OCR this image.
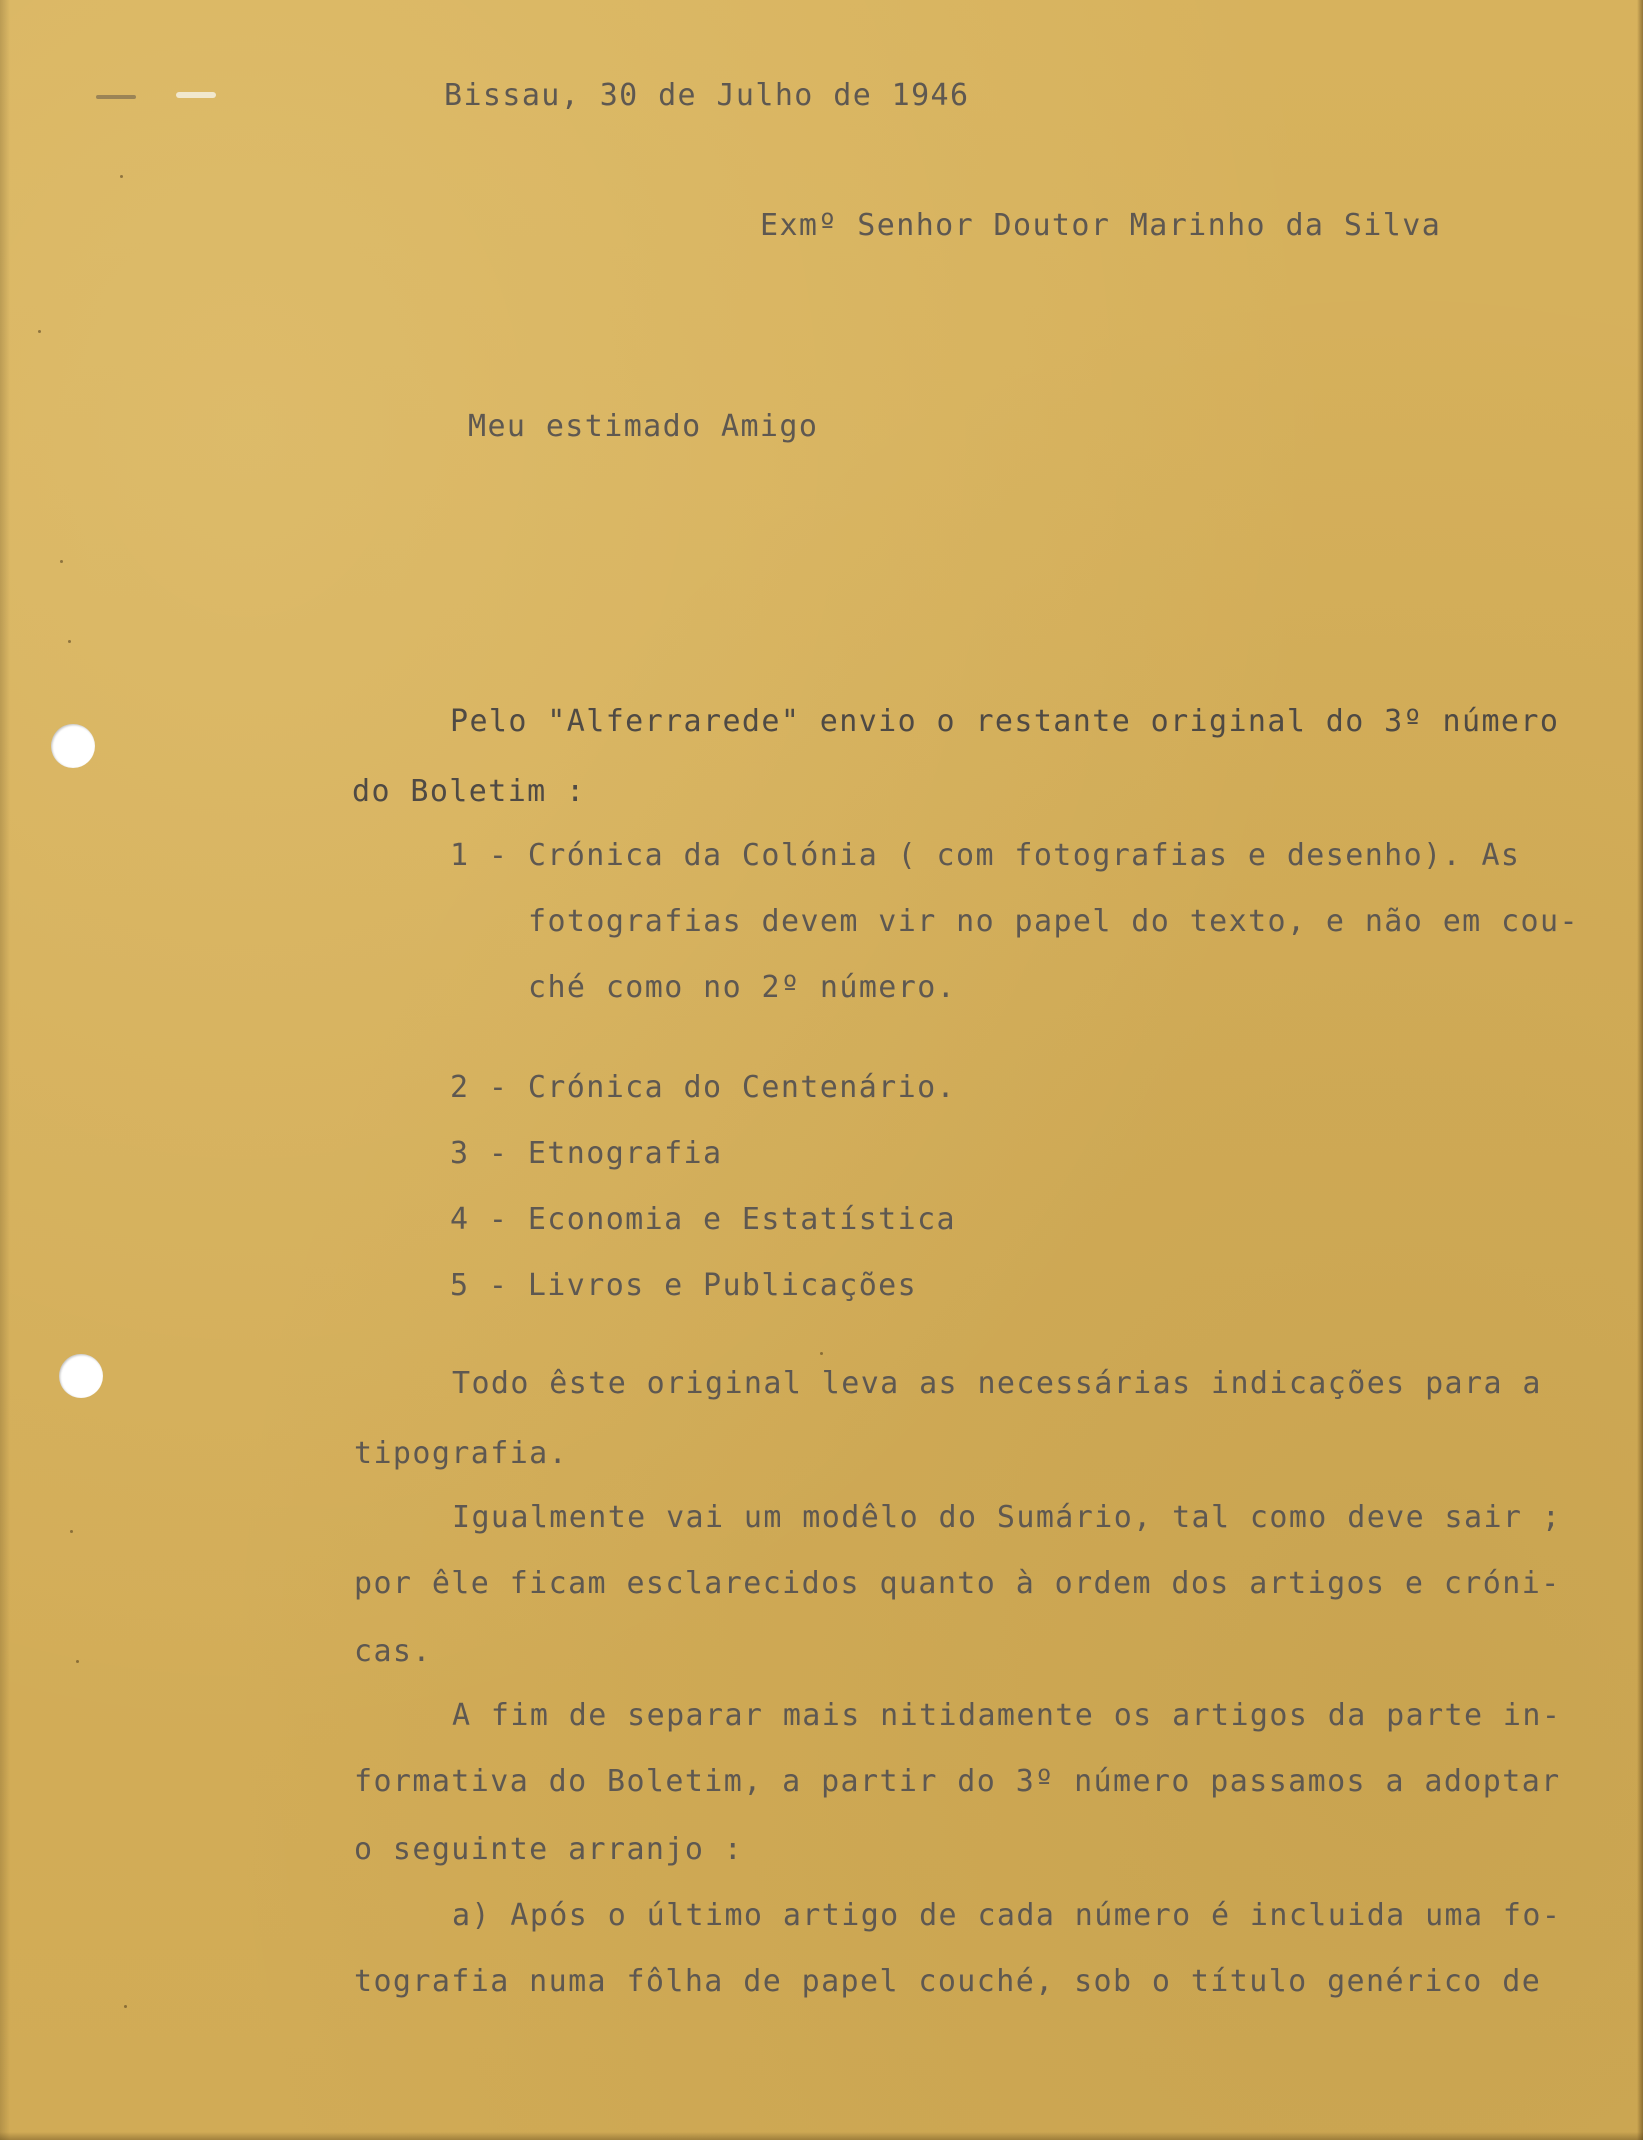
Bissau, 30 de Julho de 1946

Exmº Senhor Doutor Marinho da Silva

Meu estimado Amigo

Pelo "Alferrarede" envio o restante original do 3º número

do Boletim :

1 - Crónica da Colónia ( com fotografias e desenho). As

fotografias devem vir no papel do texto, e não em cou-

ché como no 2º número.

2 - Crónica do Centenário.

3 - Etnografia

4 - Economia e Estatística

5 - Livros e Publicações

Todo êste original leva as necessárias indicações para a

tipografia.

Igualmente vai um modêlo do Sumário, tal como deve sair ;

por êle ficam esclarecidos quanto à ordem dos artigos e cróni-

cas.

A fim de separar mais nitidamente os artigos da parte in-

formativa do Boletim, a partir do 3º número passamos a adoptar

o seguinte arranjo :

a) Após o último artigo de cada número é incluida uma fo-

tografia numa fôlha de papel couché, sob o título genérico de
